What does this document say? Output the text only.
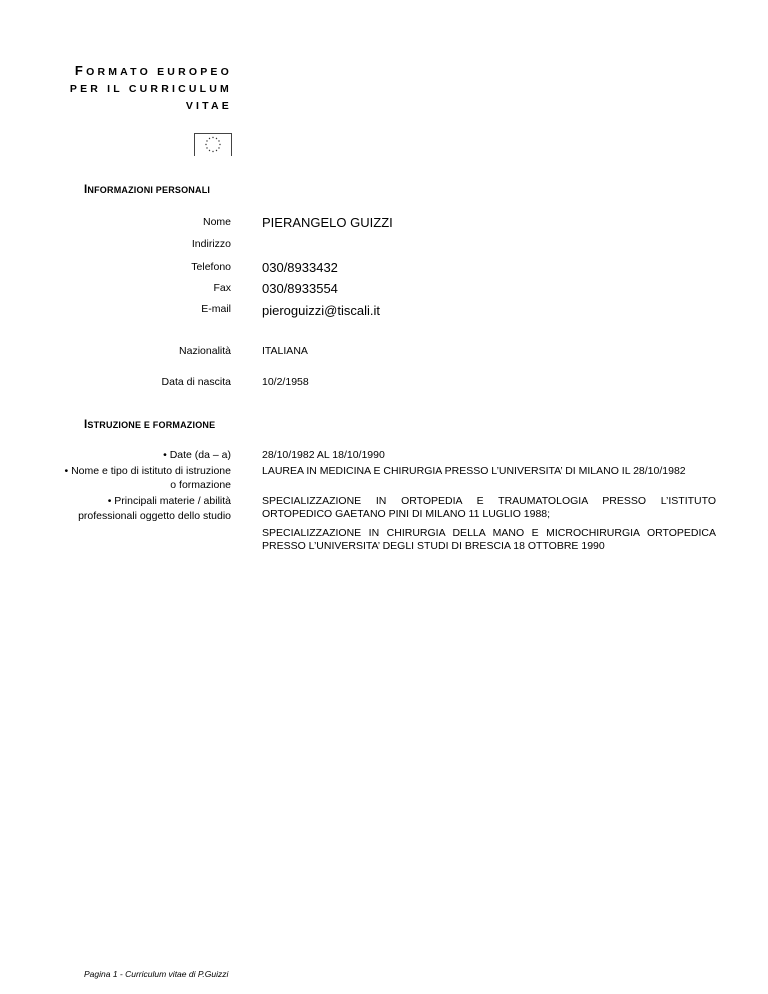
FORMATO EUROPEO
PER IL CURRICULUM
VITAE
INFORMAZIONI PERSONALI
Nome PIERANGELO GUIZZI
Indirizzo
Telefono 030/8933432
Fax 030/8933554
E-mail pieroguizzi@tiscali.it
Nazionalità	ITALIANA
Data di nascita	10/2/1958
ISTRUZIONE E FORMAZIONE
• Date (da – a)
• Nome e tipo di istituto di istruzione
o formazione
• Principali materie / abilità
professionali oggetto dello studio
28/10/1982 AL 18/10/1990
LAUREA IN MEDICINA E CHIRURGIA PRESSO L’UNIVERSITA’ DI MILANO IL 28/10/1982
SPECIALIZZAZIONE IN ORTOPEDIA E TRAUMATOLOGIA PRESSO L’ISTITUTO
ORTOPEDICO GAETANO PINI DI MILANO 11 LUGLIO 1988;
SPECIALIZZAZIONE IN CHIRURGIA DELLA MANO E MICROCHIRURGIA ORTOPEDICA
PRESSO L’UNIVERSITA’ DEGLI STUDI DI BRESCIA 18 OTTOBRE 1990
Pagina 1 - Curriculum vitae di P.Guizzi
